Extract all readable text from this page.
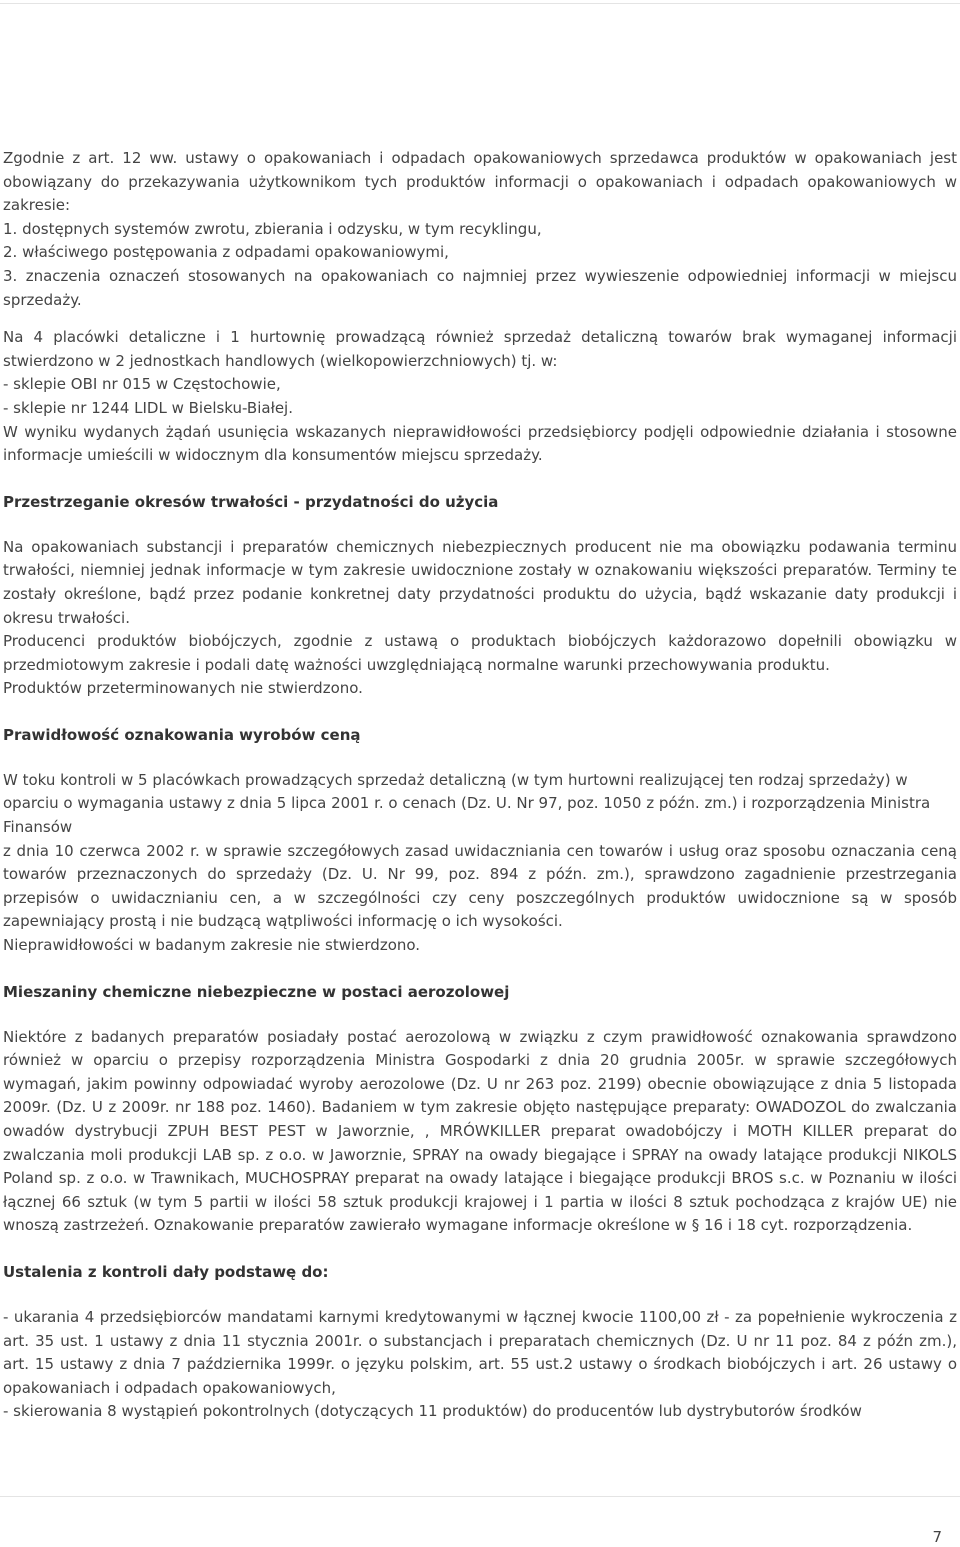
Zgodnie z art. 12 ww. ustawy o opakowaniach i odpadach opakowaniowych sprzedawca produktów w opakowaniach jest obowiązany do przekazywania użytkownikom tych produktów informacji o opakowaniach i odpadach opakowaniowych w zakresie:

1. dostępnych systemów zwrotu, zbierania i odzysku, w tym recyklingu,

2. właściwego postępowania z odpadami opakowaniowymi,

3. znaczenia oznaczeń stosowanych na opakowaniach co najmniej przez wywieszenie odpowiedniej informacji w miejscu sprzedaży.

Na 4 placówki detaliczne i 1 hurtownię prowadzącą również sprzedaż detaliczną towarów brak wymaganej informacji stwierdzono w 2 jednostkach handlowych (wielkopowierzchniowych) tj. w:

- sklepie OBI nr 015 w Częstochowie,

- sklepie nr 1244 LIDL w Bielsku-Białej.

W wyniku wydanych żądań usunięcia wskazanych nieprawidłowości przedsiębiorcy podjęli odpowiednie działania i stosowne informacje umieścili w widocznym dla konsumentów miejscu sprzedaży.

Przestrzeganie okresów trwałości - przydatności do użycia

Na opakowaniach substancji i preparatów chemicznych niebezpiecznych producent nie ma obowiązku podawania terminu trwałości, niemniej jednak informacje w tym zakresie uwidocznione zostały w oznakowaniu większości preparatów. Terminy te zostały określone, bądź przez podanie konkretnej daty przydatności produktu do użycia, bądź wskazanie daty produkcji i okresu trwałości.

Producenci produktów biobójczych, zgodnie z ustawą o produktach biobójczych każdorazowo dopełnili obowiązku w przedmiotowym zakresie i podali datę ważności uwzględniającą normalne warunki przechowywania produktu.

Produktów przeterminowanych nie stwierdzono.

Prawidłowość oznakowania wyrobów ceną

W toku kontroli w 5 placówkach prowadzących sprzedaż detaliczną (w tym hurtowni realizującej ten rodzaj sprzedaży) w oparciu o wymagania ustawy z dnia 5 lipca 2001 r. o cenach (Dz. U. Nr 97, poz. 1050 z późn. zm.) i rozporządzenia Ministra Finansów

z dnia 10 czerwca 2002 r. w sprawie szczegółowych zasad uwidaczniania cen towarów i usług oraz sposobu oznaczania ceną towarów przeznaczonych do sprzedaży (Dz. U. Nr 99, poz. 894 z późn. zm.), sprawdzono zagadnienie przestrzegania przepisów o uwidacznianiu cen, a w szczególności czy ceny poszczególnych produktów uwidocznione są w sposób zapewniający prostą i nie budzącą wątpliwości informację o ich wysokości.

Nieprawidłowości w badanym zakresie nie stwierdzono.

Mieszaniny chemiczne niebezpieczne w postaci aerozolowej

Niektóre z badanych preparatów posiadały postać aerozolową w związku z czym prawidłowość oznakowania sprawdzono również w oparciu o przepisy rozporządzenia Ministra Gospodarki z dnia 20 grudnia 2005r. w sprawie szczegółowych wymagań, jakim powinny odpowiadać wyroby aerozolowe (Dz. U nr 263 poz. 2199) obecnie obowiązujące z dnia 5 listopada 2009r. (Dz. U z 2009r. nr 188 poz. 1460). Badaniem w tym zakresie objęto następujące preparaty: OWADOZOL do zwalczania owadów dystrybucji ZPUH BEST PEST w Jaworznie, , MRÓWKILLER preparat owadobójczy i MOTH KILLER preparat do zwalczania moli produkcji LAB sp. z o.o. w Jaworznie, SPRAY na owady biegające i SPRAY na owady latające produkcji NIKOLS Poland sp. z o.o. w Trawnikach, MUCHOSPRAY preparat na owady latające i biegające produkcji BROS s.c. w Poznaniu w ilości łącznej 66 sztuk (w tym 5 partii w ilości 58 sztuk produkcji krajowej i 1 partia w ilości 8 sztuk pochodząca z krajów UE) nie wnoszą zastrzeżeń. Oznakowanie preparatów zawierało wymagane informacje określone w § 16 i 18 cyt. rozporządzenia.

Ustalenia z kontroli dały podstawę do:

- ukarania 4 przedsiębiorców mandatami karnymi kredytowanymi w łącznej kwocie 1100,00 zł - za popełnienie wykroczenia z art. 35 ust. 1 ustawy z dnia 11 stycznia 2001r. o substancjach i preparatach chemicznych (Dz. U nr 11 poz. 84 z późn zm.), art. 15 ustawy z dnia 7 października 1999r. o języku polskim, art. 55 ust.2 ustawy o środkach biobójczych i art. 26 ustawy o opakowaniach i odpadach opakowaniowych,

- skierowania 8 wystąpień pokontrolnych (dotyczących 11 produktów) do producentów lub dystrybutorów środków

7
